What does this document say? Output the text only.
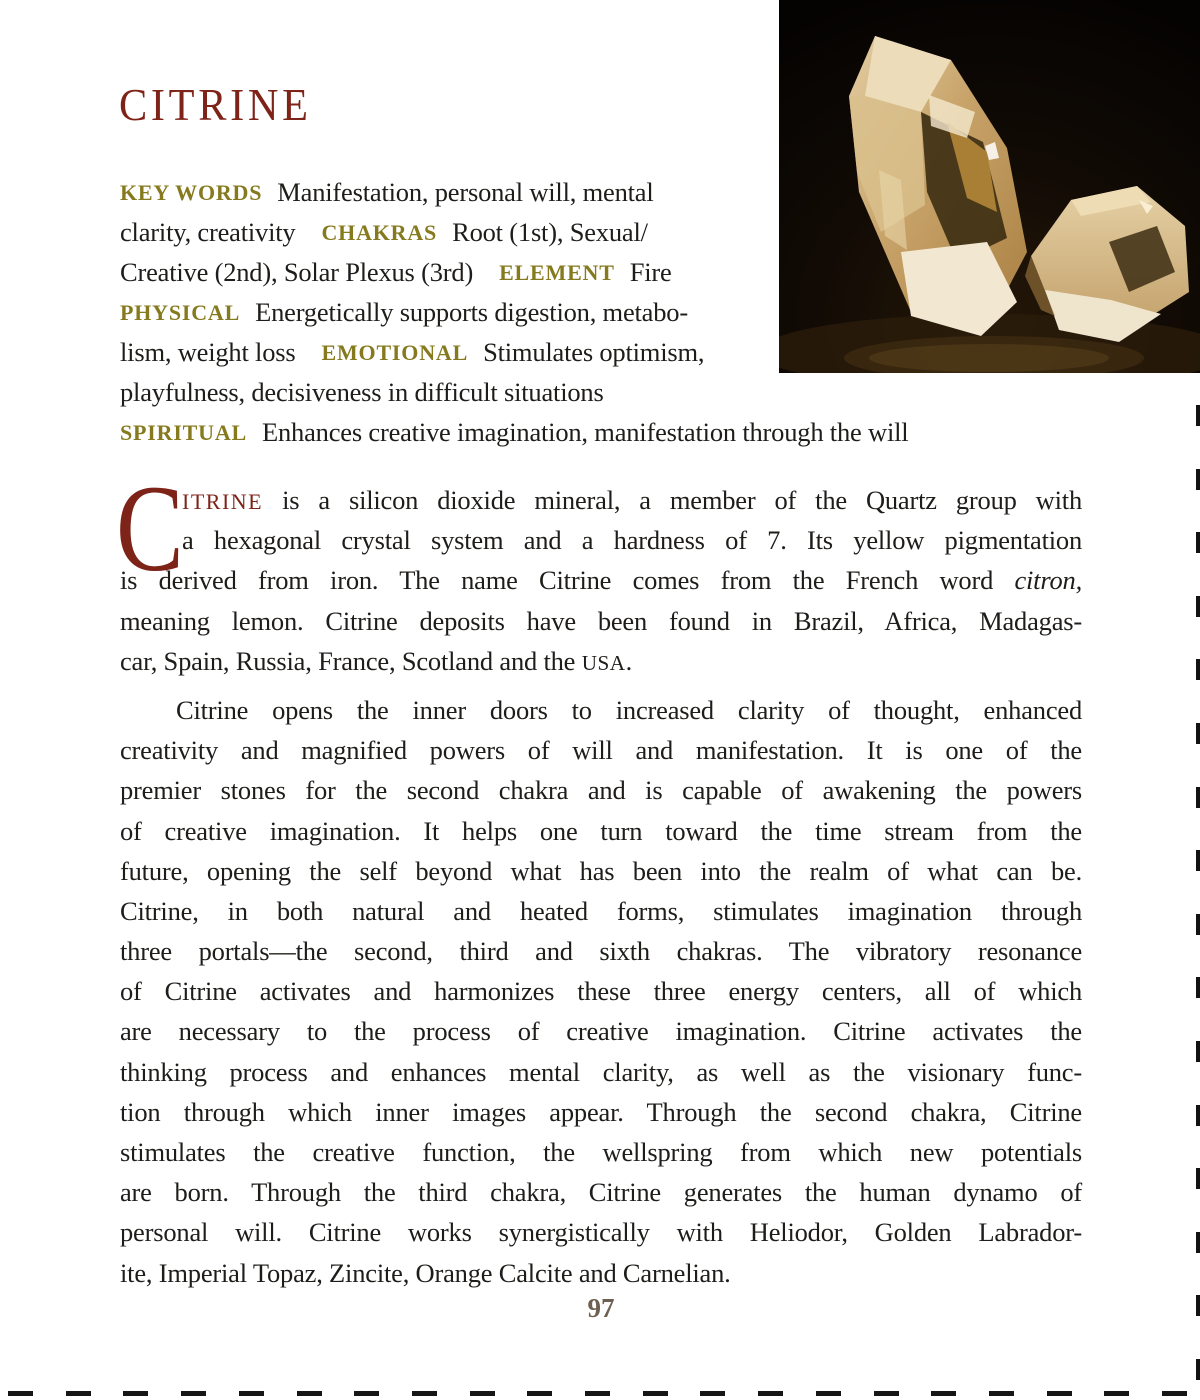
CITRINE
KEY WORDS Manifestation, personal will, mental
clarity, creativity CHAKRAS Root (1st), Sexual/
Creative (2nd), Solar Plexus (3rd) ELEMENT Fire
PHYSICAL Energetically supports digestion, metabo-
lism, weight loss EMOTIONAL Stimulates optimism,
playfulness, decisiveness in difficult situations
SPIRITUAL Enhances creative imagination, manifestation through the will
C
ITRINE is a silicon dioxide mineral, a member of the Quartz group with
a hexagonal crystal system and a hardness of 7. Its yellow pigmentation
is derived from iron. The name Citrine comes from the French word citron,
meaning lemon. Citrine deposits have been found in Brazil, Africa, Madagas-
car, Spain, Russia, France, Scotland and the USA.
Citrine opens the inner doors to increased clarity of thought, enhanced
creativity and magnified powers of will and manifestation. It is one of the
premier stones for the second chakra and is capable of awakening the powers
of creative imagination. It helps one turn toward the time stream from the
future, opening the self beyond what has been into the realm of what can be.
Citrine, in both natural and heated forms, stimulates imagination through
three portals—the second, third and sixth chakras. The vibratory resonance
of Citrine activates and harmonizes these three energy centers, all of which
are necessary to the process of creative imagination. Citrine activates the
thinking process and enhances mental clarity, as well as the visionary func-
tion through which inner images appear. Through the second chakra, Citrine
stimulates the creative function, the wellspring from which new potentials
are born. Through the third chakra, Citrine generates the human dynamo of
personal will. Citrine works synergistically with Heliodor, Golden Labrador-
ite, Imperial Topaz, Zincite, Orange Calcite and Carnelian.
97
